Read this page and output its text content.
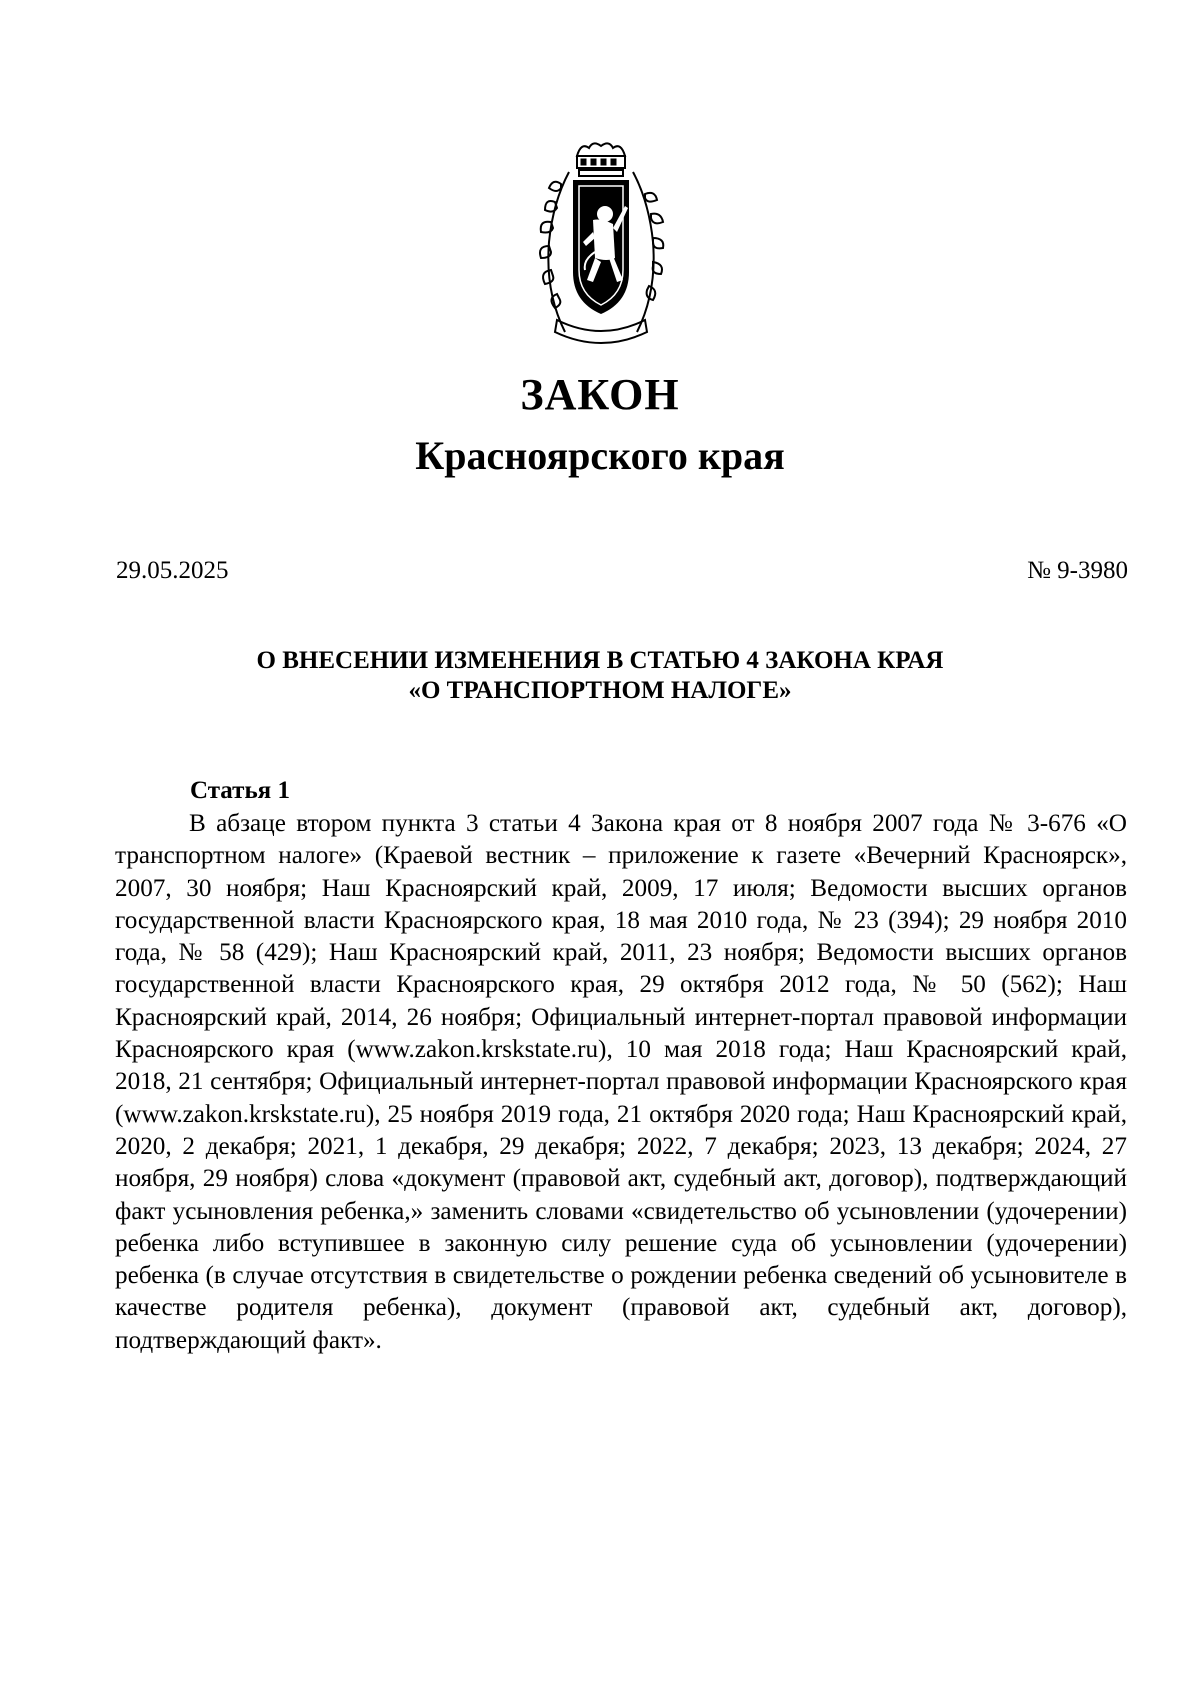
ЗАКОН
Красноярского края
29.05.2025	№ 9-3980
О ВНЕСЕНИИ ИЗМЕНЕНИЯ В СТАТЬЮ 4 ЗАКОНА КРАЯ
«О ТРАНСПОРТНОМ НАЛОГЕ»
Статья 1

В абзаце втором пункта 3 статьи 4 Закона края от 8 ноября 2007 года № 3-676 «О транспортном налоге» (Краевой вестник – приложение к газете «Вечерний Красноярск», 2007, 30 ноября; Наш Красноярский край, 2009, 17 июля; Ведомости высших органов государственной власти Красноярского края, 18 мая 2010 года, № 23 (394); 29 ноября 2010 года, № 58 (429); Наш Красноярский край, 2011, 23 ноября; Ведомости высших органов государственной власти Красноярского края, 29 октября 2012 года, № 50 (562); Наш Красноярский край, 2014, 26 ноября; Официальный интернет-портал правовой информации Красноярского края (www.zakon.krskstate.ru), 10 мая 2018 года; Наш Красноярский край, 2018, 21 сентября; Официальный интернет-портал правовой информации Красноярского края (www.zakon.krskstate.ru), 25 ноября 2019 года, 21 октября 2020 года; Наш Красноярский край, 2020, 2 декабря; 2021, 1 декабря, 29 декабря; 2022, 7 декабря; 2023, 13 декабря; 2024, 27 ноября, 29 ноября) слова «документ (правовой акт, судебный акт, договор), подтверждающий факт усыновления ребенка,» заменить словами «свидетельство об усыновлении (удочерении) ребенка либо вступившее в законную силу решение суда об усыновлении (удочерении) ребенка (в случае отсутствия в свидетельстве о рождении ребенка сведений об усыновителе в качестве родителя ребенка), документ (правовой акт, судебный акт, договор), подтверждающий факт».
